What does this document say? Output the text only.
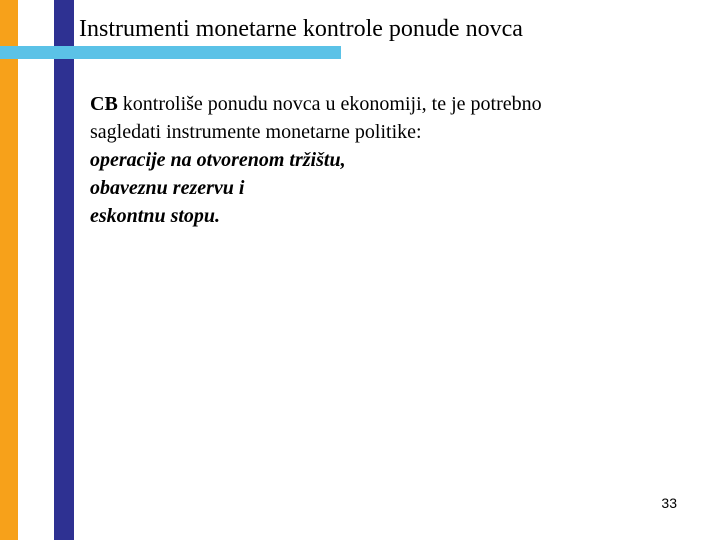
Instrumenti monetarne kontrole ponude novca
CB kontroliše ponudu novca u ekonomiji, te je potrebno
sagledati instrumente monetarne politike:
operacije na otvorenom tržištu,
obaveznu rezervu i
eskontnu stopu.
33
